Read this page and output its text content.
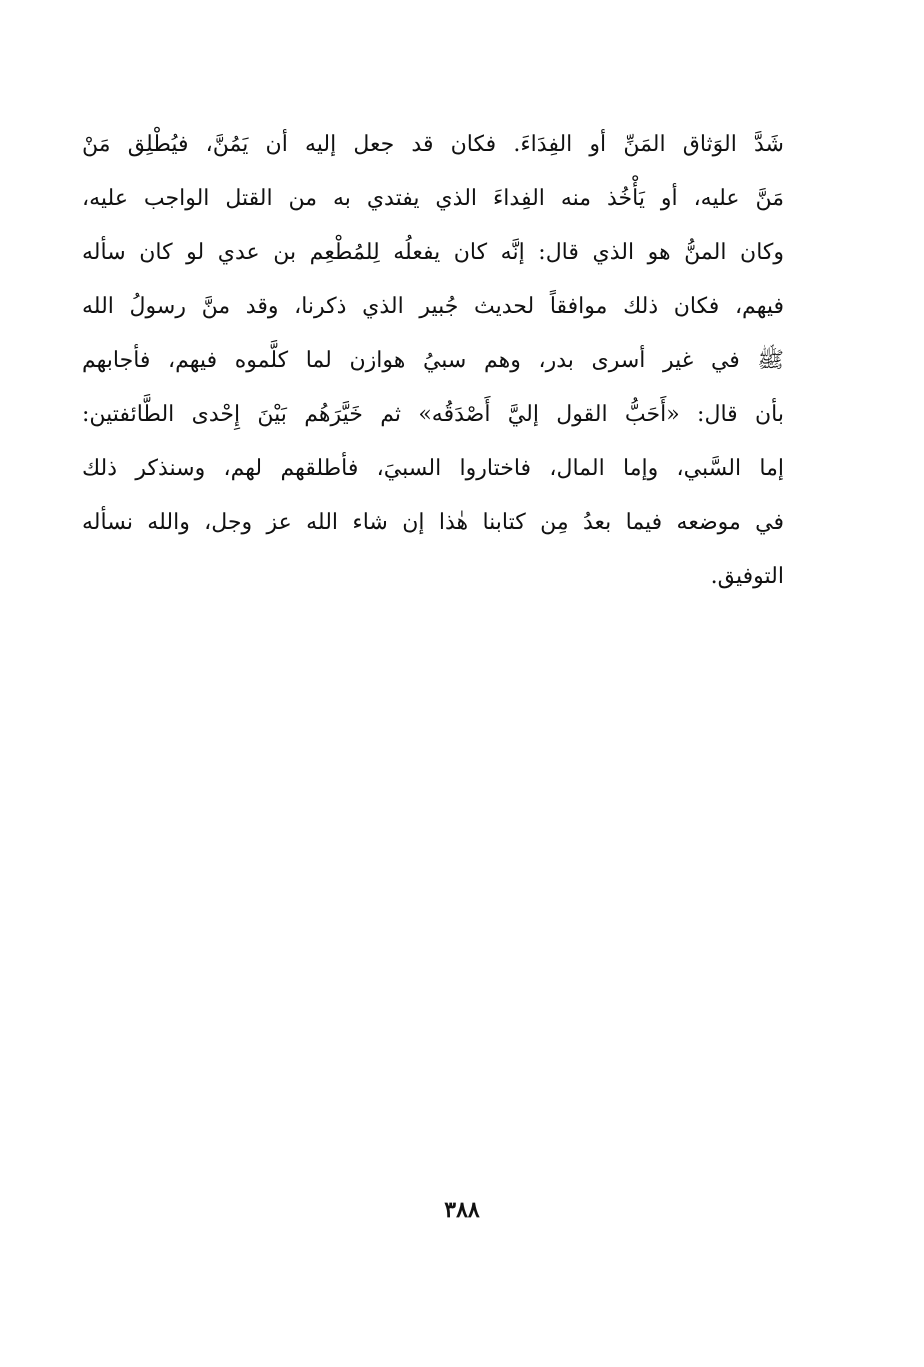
شَدَّ الوَثاق المَنِّ أو الفِدَاءَ. فكان قد جعل إليه أن يَمُنَّ، فيُطْلِق مَنْ
مَنَّ عليه، أو يَأْخُذ منه الفِداءَ الذي يفتدي به من القتل الواجب عليه،
وكان المنُّ هو الذي قال: إنَّه كان يفعلُه لِلمُطْعِم بن عدي لو كان سأله
فيهم، فكان ذلك موافقاً لحديث جُبير الذي ذكرنا، وقد منَّ رسولُ الله
ﷺ في غير أسرى بدر، وهم سبيُ هوازن لما كلَّموه فيهم، فأجابهم
بأن قال: «أَحَبُّ القول إليَّ أَصْدَقُه» ثم خَيَّرَهُم بَيْنَ إِحْدى الطَّائفتين:
إما السَّبي، وإما المال، فاختاروا السبيَ، فأطلقهم لهم، وسنذكر ذلك
في موضعه فيما بعدُ مِن كتابنا هٰذا إن شاء الله عز وجل، والله نسأله
التوفيق.
٣٨٨
